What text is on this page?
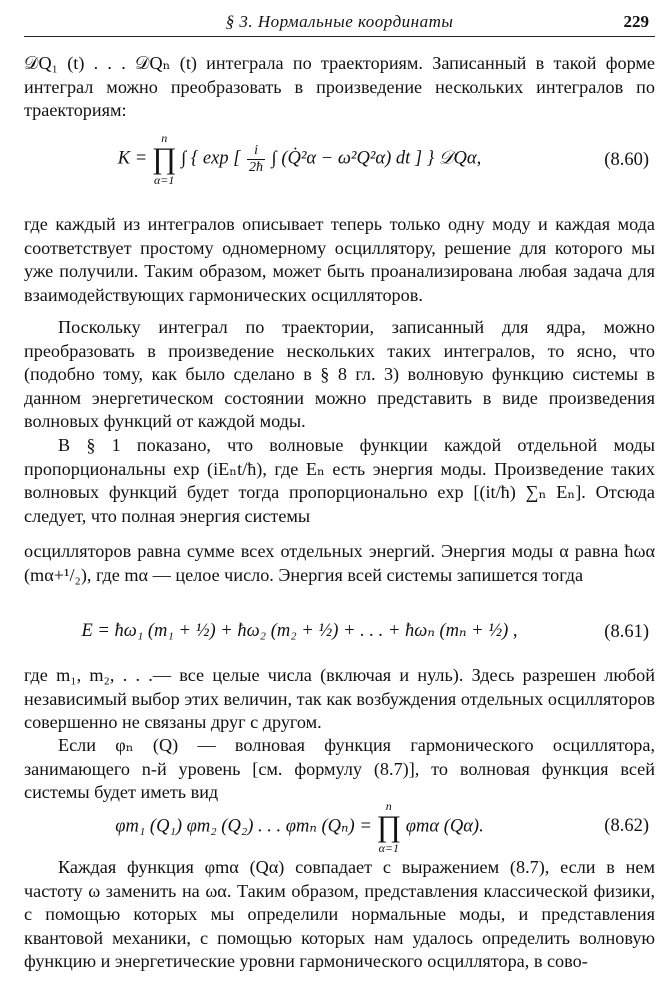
§ 3. Нормальные координаты	229

𝒟Q₁ (t) . . . 𝒟Qₙ (t) интеграла по траекториям. Записанный в такой форме интеграл можно преобразовать в произведение нескольких интегралов по траекториям:

K =
n
∏
α=1
∫ { exp [ $\frac{i}{2ħ}$ ∫ (Q̇²α − ω²Q²α) dt ] } 𝒟Qα,	(8.60)

где каждый из интегралов описывает теперь только одну моду и каждая мода соответствует простому одномерному осциллятору, решение для которого мы уже получили. Таким образом, может быть проанализирована любая задача для взаимодействующих гармонических осцилляторов.

Поскольку интеграл по траектории, записанный для ядра, можно преобразовать в произведение нескольких таких интегралов, то ясно, что (подобно тому, как было сделано в § 8 гл. 3) волновую функцию системы в данном энергетическом состоянии можно представить в виде произведения волновых функций от каждой моды.

В § 1 показано, что волновые функции каждой отдельной моды пропорциональны exp (iEₙt/ħ), где Eₙ есть энергия моды. Произведение таких волновых функций будет тогда пропорционально exp [(it/ħ) ∑ₙ Eₙ]. Отсюда следует, что полная энергия системы

осцилляторов равна сумме всех отдельных энергий. Энергия моды α равна ħωα (mα+¹/₂), где mα — целое число. Энергия всей системы запишется тогда

E = ħω₁ (m₁ + ½) + ħω₂ (m₂ + ½) + . . . + ħωₙ (mₙ + ½) ,	(8.61)

где m₁, m₂, . . .— все целые числа (включая и нуль). Здесь разрешен любой независимый выбор этих величин, так как возбуждения отдельных осцилляторов совершенно не связаны друг с другом.

Если φₙ (Q) — волновая функция гармонического осциллятора, занимающего n-й уровень [см. формулу (8.7)], то волновая функция всей системы будет иметь вид

φm₁ (Q₁) φm₂ (Q₂) . . . φmₙ (Qₙ) =
n
∏
α=1
φmα (Qα).	(8.62)

Каждая функция φmα (Qα) совпадает с выражением (8.7), если в нем частоту ω заменить на ωα. Таким образом, представления классической физики, с помощью которых мы определили нормальные моды, и представления квантовой механики, с помощью которых нам удалось определить волновую функцию и энергетические уровни гармонического осциллятора, в сово-
